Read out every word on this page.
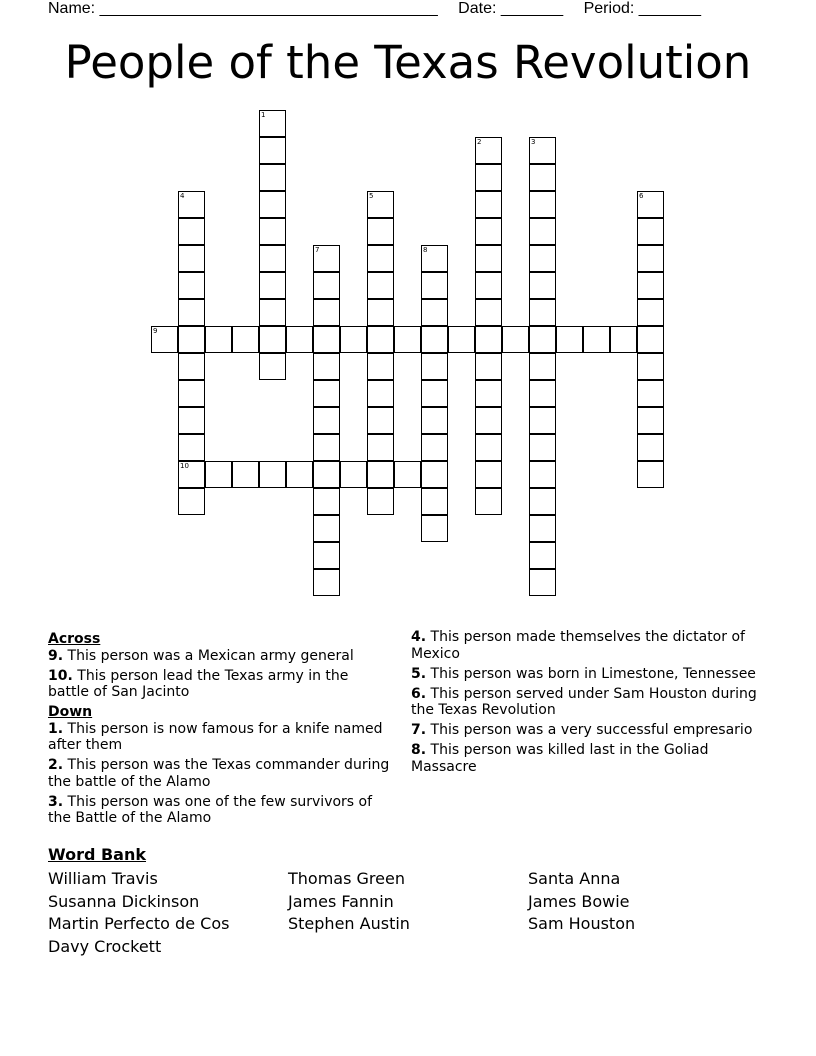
Name: ______________________________________ Date: _______ Period: _______
People of the Texas Revolution
9
10
1
2	3
4	5	6
7	8
Across
9. This person was a Mexican army general
10. This person lead the Texas army in the battle of San Jacinto
Down
1. This person is now famous for a knife named after them
2. This person was the Texas commander during the battle of the Alamo
3. This person was one of the few survivors of the Battle of the Alamo
4. This person made themselves the dictator of Mexico
5. This person was born in Limestone, Tennessee
6. This person served under Sam Houston during the Texas Revolution
7. This person was a very successful empresario
8. This person was killed last in the Goliad Massacre
Word Bank
William Travis
Susanna Dickinson
Martin Perfecto de Cos
Davy Crockett
Thomas Green
James Fannin
Stephen Austin
Santa Anna
James Bowie
Sam Houston
